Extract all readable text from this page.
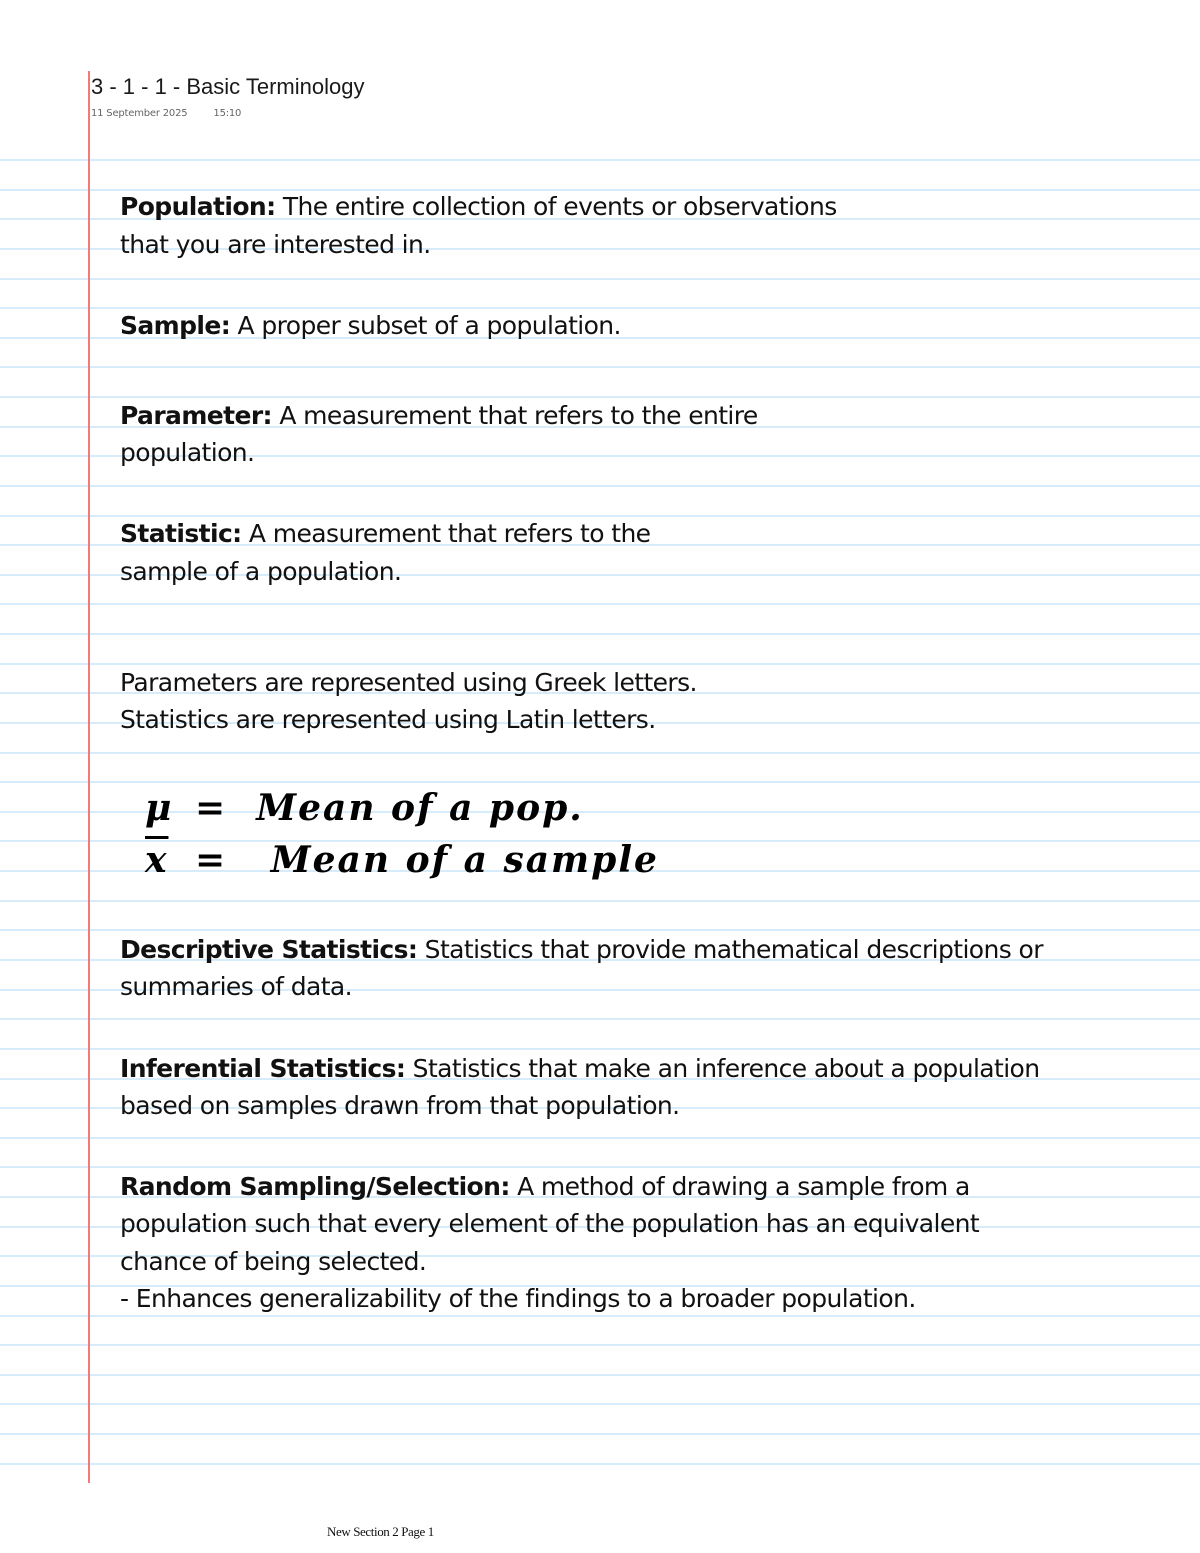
3 - 1 - 1 - Basic Terminology
11 September 2025	15:10
Population: The entire collection of events or observations
that you are interested in.
Sample: A proper subset of a population.
Parameter: A measurement that refers to the entire
population.
Statistic: A measurement that refers to the
sample of a population.
Parameters are represented using Greek letters.
Statistics are represented using Latin letters.
μ = Mean of a pop.
$\overline{x}$ = Mean of a sample
Descriptive Statistics: Statistics that provide mathematical descriptions or
summaries of data.
Inferential Statistics: Statistics that make an inference about a population
based on samples drawn from that population.
Random Sampling/Selection: A method of drawing a sample from a
population such that every element of the population has an equivalent
chance of being selected.
- Enhances generalizability of the findings to a broader population.
New Section 2 Page 1
